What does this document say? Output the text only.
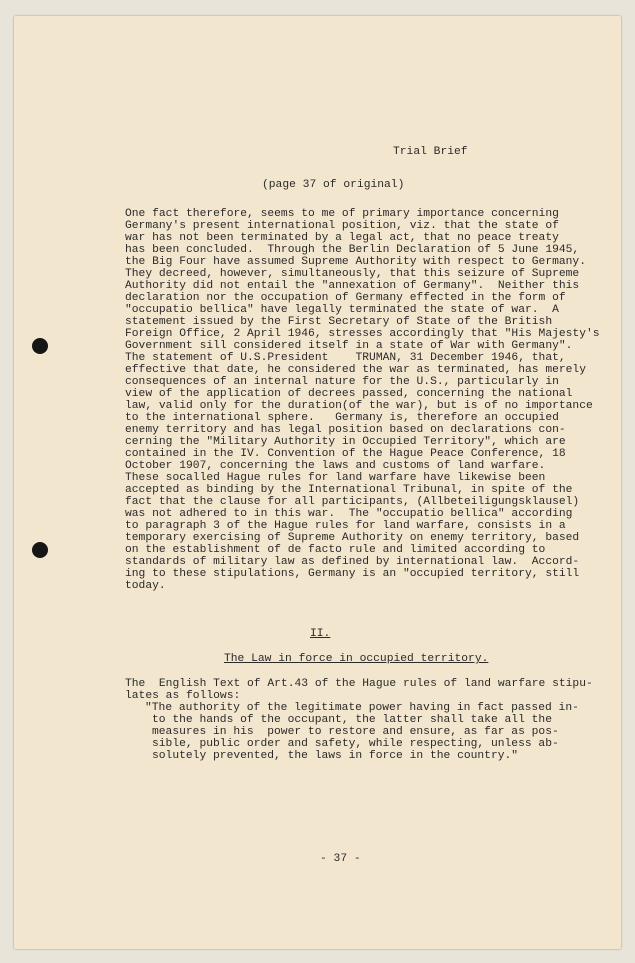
Trial Brief
(page 37 of original)
One fact therefore, seems to me of primary importance concerning
Germany's present international position, viz. that the state of
war has not been terminated by a legal act, that no peace treaty
has been concluded.  Through the Berlin Declaration of 5 June 1945,
the Big Four have assumed Supreme Authority with respect to Germany.
They decreed, however, simultaneously, that this seizure of Supreme
Authority did not entail the "annexation of Germany".  Neither this
declaration nor the occupation of Germany effected in the form of
"occupatio bellica" have legally terminated the state of war.  A
statement issued by the First Secretary of State of the British
Foreign Office, 2 April 1946, stresses accordingly that "His Majesty's
Government sill considered itself in a state of War with Germany".
The statement of U.S.President    TRUMAN, 31 December 1946, that,
effective that date, he considered the war as terminated, has merely
consequences of an internal nature for the U.S., particularly in
view of the application of decrees passed, concerning the national
law, valid only for the duration(of the war), but is of no importance
to the international sphere.   Germany is, therefore an occupied
enemy territory and has legal position based on declarations con-
cerning the "Military Authority in Occupied Territory", which are
contained in the IV. Convention of the Hague Peace Conference, 18
October 1907, concerning the laws and customs of land warfare.
These socalled Hague rules for land warfare have likewise been
accepted as binding by the International Tribunal, in spite of the
fact that the clause for all participants, (Allbeteiligungsklausel)
was not adhered to in this war.  The "occupatio bellica" according
to paragraph 3 of the Hague rules for land warfare, consists in a
temporary exercising of Supreme Authority on enemy territory, based
on the establishment of de facto rule and limited according to
standards of military law as defined by international law.  Accord-
ing to these stipulations, Germany is an "occupied territory, still
today.
II.
The Law in force in occupied territory.
The  English Text of Art.43 of the Hague rules of land warfare stipu-
lates as follows:
"The authority of the legitimate power having in fact passed in-
to the hands of the occupant, the latter shall take all the
measures in his  power to restore and ensure, as far as pos-
sible, public order and safety, while respecting, unless ab-
solutely prevented, the laws in force in the country."
- 37 -
